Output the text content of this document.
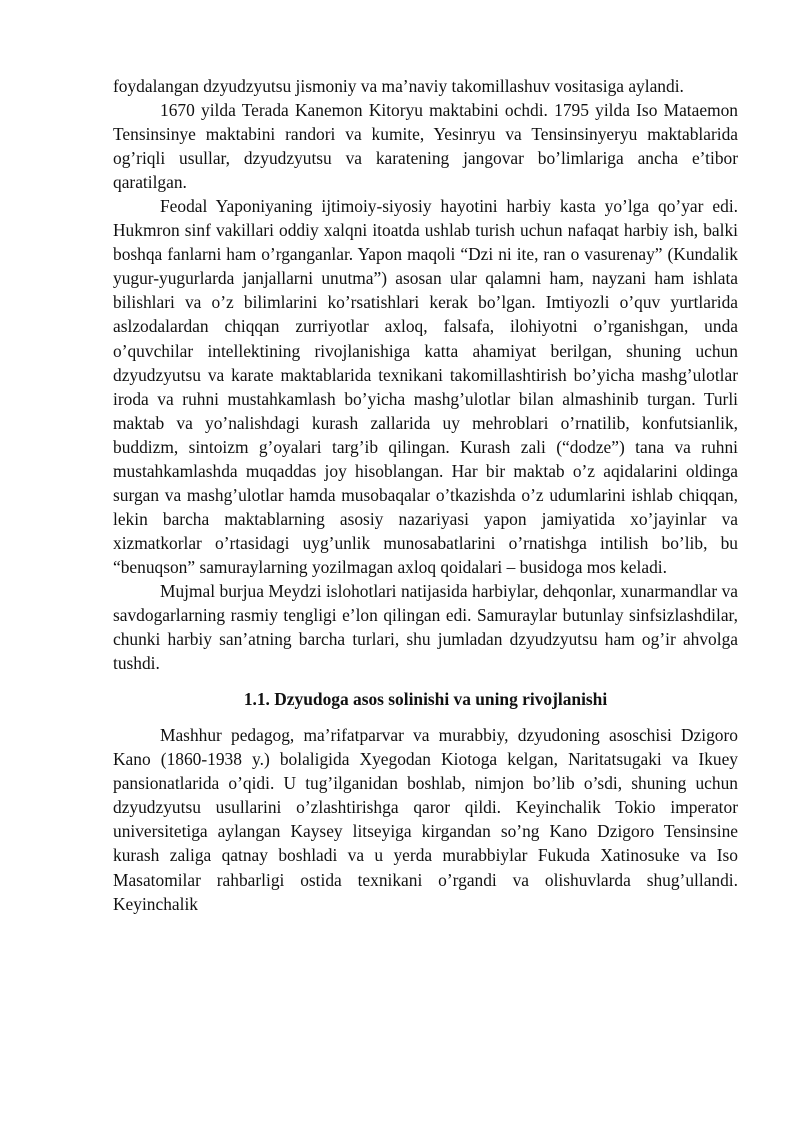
foydalangan dzyudzyutsu jismoniy va ma’naviy takomillashuv vositasiga aylandi.

1670 yilda Terada Kanemon Kitoryu maktabini ochdi. 1795 yilda Iso Mataemon Tensinsinye maktabini randori va kumite, Yesinryu va Tensinsinyeryu maktablarida og’riqli usullar, dzyudzyutsu va karatening jangovar bo’limlariga ancha e’tibor qaratilgan.

Feodal Yaponiyaning ijtimoiy-siyosiy hayotini harbiy kasta yo’lga qo’yar edi. Hukmron sinf vakillari oddiy xalqni itoatda ushlab turish uchun nafaqat harbiy ish, balki boshqa fanlarni ham o’rganganlar. Yapon maqoli “Dzi ni ite, ran o vasurenay” (Kundalik yugur-yugurlarda janjallarni unutma”) asosan ular qalamni ham, nayzani ham ishlata bilishlari va o’z bilimlarini ko’rsatishlari kerak bo’lgan. Imtiyozli o’quv yurtlarida aslzodalardan chiqqan zurriyotlar axloq, falsafa, ilohiyotni o’rganishgan, unda o’quvchilar intellektining rivojlanishiga katta ahamiyat berilgan, shuning uchun dzyudzyutsu va karate maktablarida texnikani takomillashtirish bo’yicha mashg’ulotlar iroda va ruhni mustahkamlash bo’yicha mashg’ulotlar bilan almashinib turgan. Turli maktab va yo’nalishdagi kurash zallarida uy mehroblari o’rnatilib, konfutsianlik, buddizm, sintoizm g’oyalari targ’ib qilingan. Kurash zali (“dodze”) tana va ruhni mustahkamlashda muqaddas joy hisoblangan. Har bir maktab o’z aqidalarini oldinga surgan va mashg’ulotlar hamda musobaqalar o’tkazishda o’z udumlarini ishlab chiqqan, lekin barcha maktablarning asosiy nazariyasi yapon jamiyatida xo’jayinlar va xizmatkorlar o’rtasidagi uyg’unlik munosabatlarini o’rnatishga intilish bo’lib, bu “benuqson” samuraylarning yozilmagan axloq qoidalari – busidoga mos keladi.

Mujmal burjua Meydzi islohotlari natijasida harbiylar, dehqonlar, xunarmandlar va savdogarlarning rasmiy tengligi e’lon qilingan edi. Samuraylar butunlay sinfsizlashdilar, chunki harbiy san’atning barcha turlari, shu jumladan dzyudzyutsu ham og’ir ahvolga tushdi.

1.1. Dzyudoga asos solinishi va uning rivojlanishi

Mashhur pedagog, ma’rifatparvar va murabbiy, dzyudoning asoschisi Dzigoro Kano (1860-1938 y.) bolaligida Xyegodan Kiotoga kelgan, Naritatsugaki va Ikuey pansionatlarida o’qidi. U tug’ilganidan boshlab, nimjon bo’lib o’sdi, shuning uchun dzyudzyutsu usullarini o’zlashtirishga qaror qildi. Keyinchalik Tokio imperator universitetiga aylangan Kaysey litseyiga kirgandan so’ng Kano Dzigoro Tensinsine kurash zaliga qatnay boshladi va u yerda murabbiylar Fukuda Xatinosuke va Iso Masatomilar rahbarligi ostida texnikani o’rgandi va olishuvlarda shug’ullandi. Keyinchalik
